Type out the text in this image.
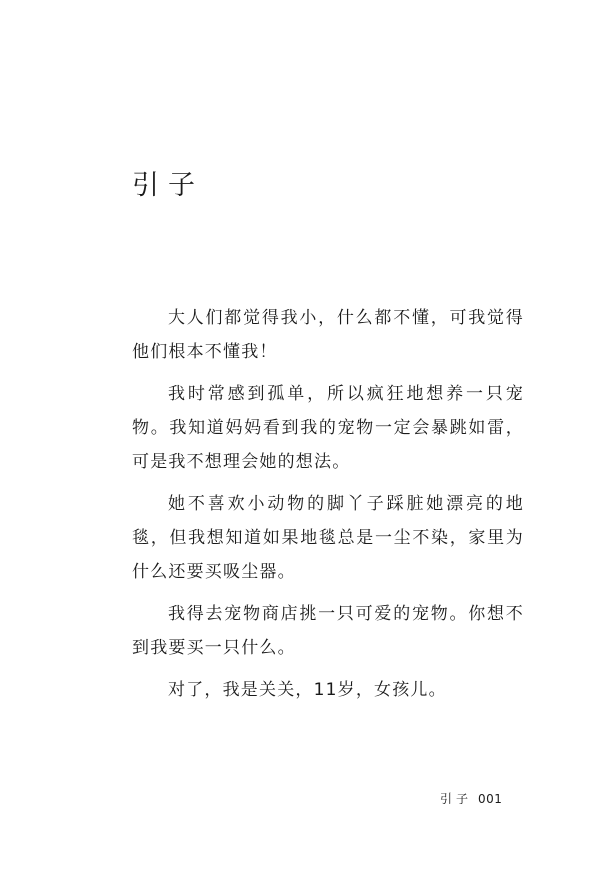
引子

大人们都觉得我小，什么都不懂，可我觉得他们根本不懂我！

我时常感到孤单，所以疯狂地想养一只宠物。我知道妈妈看到我的宠物一定会暴跳如雷，可是我不想理会她的想法。

她不喜欢小动物的脚丫子踩脏她漂亮的地毯，但我想知道如果地毯总是一尘不染，家里为什么还要买吸尘器。

我得去宠物商店挑一只可爱的宠物。你想不到我要买一只什么。

对了，我是关关，11岁，女孩儿。

引子 001
